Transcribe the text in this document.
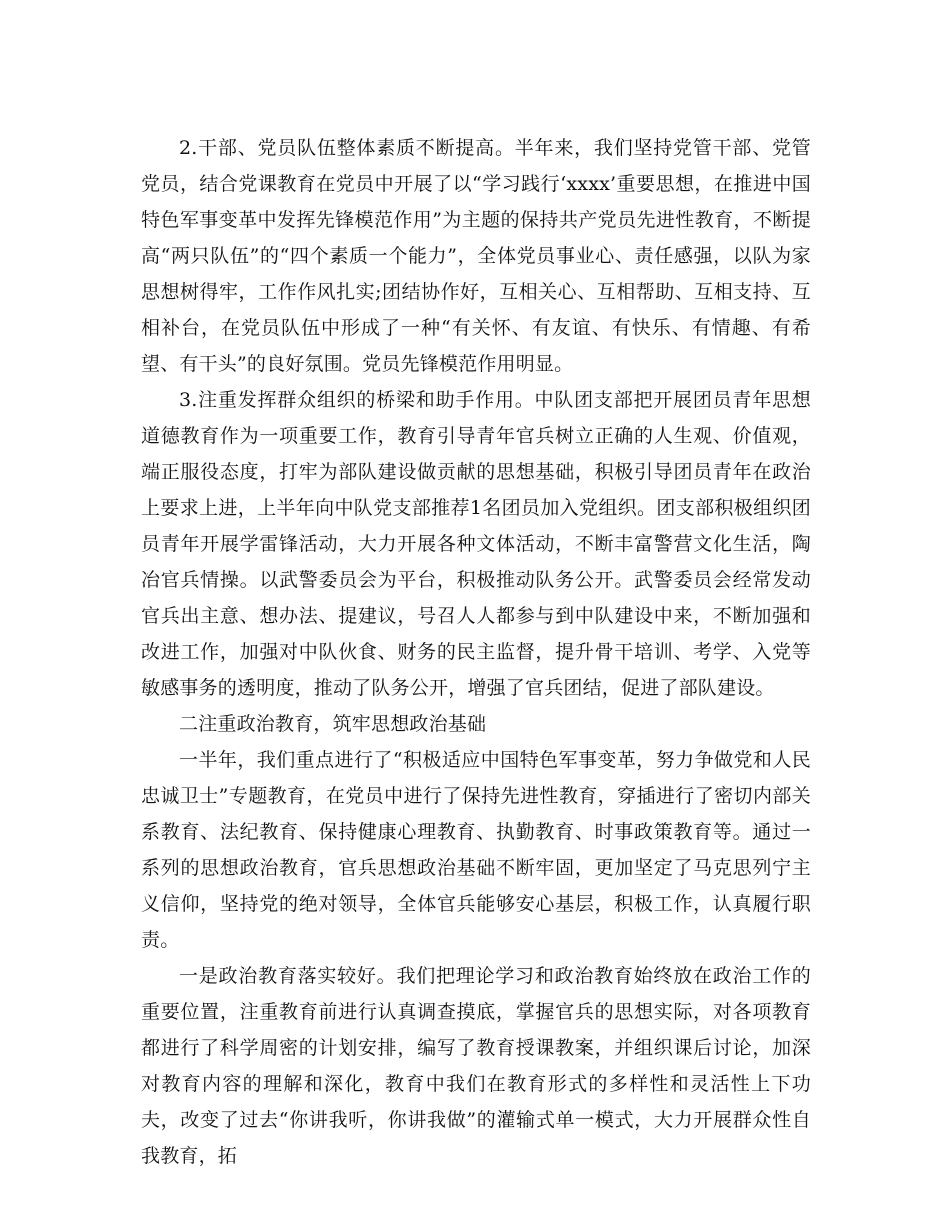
2.干部、党员队伍整体素质不断提高。半年来，我们坚持党管干部、党管党员，结合党课教育在党员中开展了以“学习践行‘xxxx’重要思想，在推进中国特色军事变革中发挥先锋模范作用”为主题的保持共产党员先进性教育，不断提高“两只队伍”的“四个素质一个能力”，全体党员事业心、责任感强，以队为家思想树得牢，工作作风扎实;团结协作好，互相关心、互相帮助、互相支持、互相补台，在党员队伍中形成了一种“有关怀、有友谊、有快乐、有情趣、有希望、有干头”的良好氛围。党员先锋模范作用明显。

3.注重发挥群众组织的桥梁和助手作用。中队团支部把开展团员青年思想道德教育作为一项重要工作，教育引导青年官兵树立正确的人生观、价值观，端正服役态度，打牢为部队建设做贡献的思想基础，积极引导团员青年在政治上要求上进，上半年向中队党支部推荐1名团员加入党组织。团支部积极组织团员青年开展学雷锋活动，大力开展各种文体活动，不断丰富警营文化生活，陶冶官兵情操。以武警委员会为平台，积极推动队务公开。武警委员会经常发动官兵出主意、想办法、提建议，号召人人都参与到中队建设中来，不断加强和改进工作，加强对中队伙食、财务的民主监督，提升骨干培训、考学、入党等敏感事务的透明度，推动了队务公开，增强了官兵团结，促进了部队建设。

二注重政治教育，筑牢思想政治基础

一半年，我们重点进行了“积极适应中国特色军事变革，努力争做党和人民忠诚卫士”专题教育，在党员中进行了保持先进性教育，穿插进行了密切内部关系教育、法纪教育、保持健康心理教育、执勤教育、时事政策教育等。通过一系列的思想政治教育，官兵思想政治基础不断牢固，更加坚定了马克思列宁主义信仰，坚持党的绝对领导，全体官兵能够安心基层，积极工作，认真履行职责。

一是政治教育落实较好。我们把理论学习和政治教育始终放在政治工作的重要位置，注重教育前进行认真调查摸底，掌握官兵的思想实际，对各项教育都进行了科学周密的计划安排，编写了教育授课教案，并组织课后讨论，加深对教育内容的理解和深化，教育中我们在教育形式的多样性和灵活性上下功夫，改变了过去“你讲我听，你讲我做”的灌输式单一模式，大力开展群众性自我教育，拓
